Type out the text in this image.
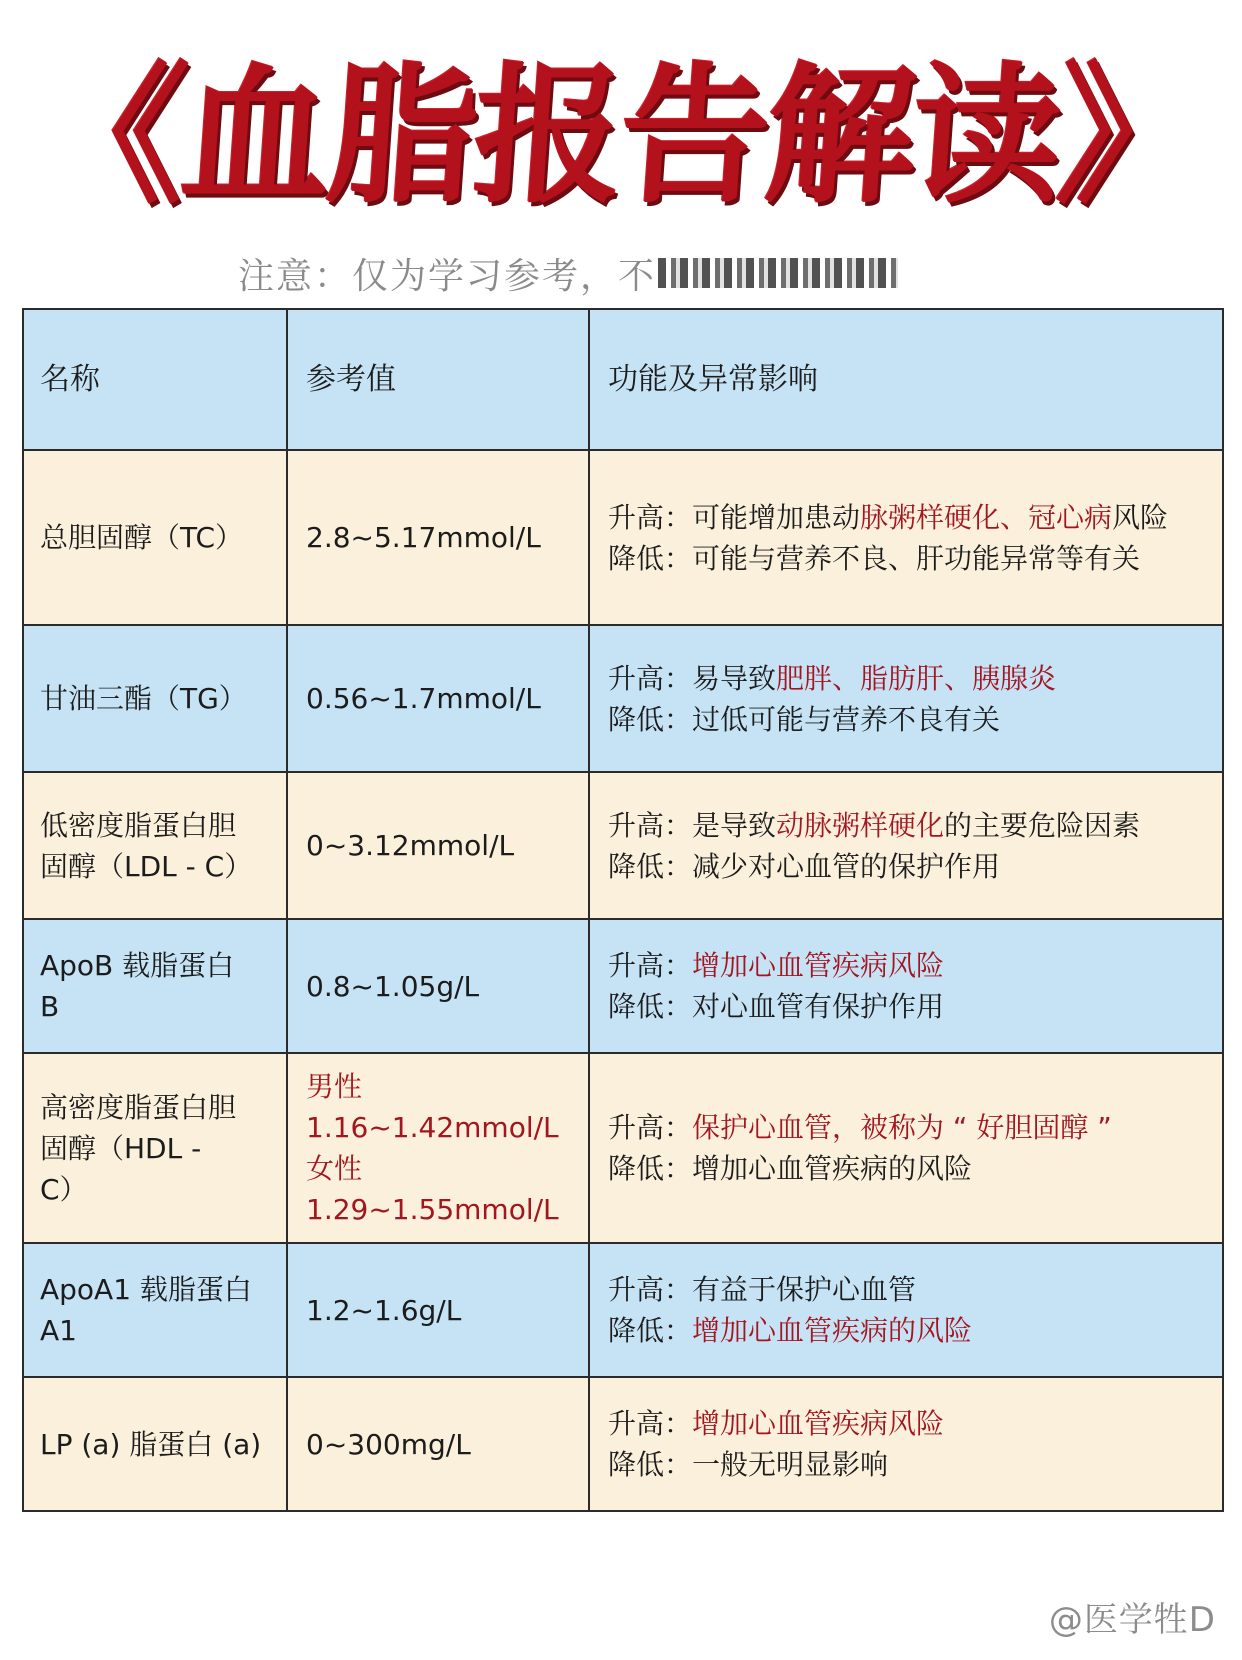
《血脂报告解读》
注意：仅为学习参考，不
名称	参考值	功能及异常影响
总胆固醇（TC）	2.8~5.17mmol/L	升高：可能增加患动脉粥样硬化、冠心病风险
降低：可能与营养不良、肝功能异常等有关

甘油三酯（TG）	0.56~1.7mmol/L	升高：易导致肥胖、脂肪肝、胰腺炎
降低：过低可能与营养不良有关

低密度脂蛋白胆
固醇（LDL - C）	0~3.12mmol/L	升高：是导致动脉粥样硬化的主要危险因素
降低：减少对心血管的保护作用

ApoB 载脂蛋白
B	0.8~1.05g/L	升高：增加心血管疾病风险
降低：对心血管有保护作用

高密度脂蛋白胆
固醇（HDL -
C）	男性
1.16~1.42mmol/L
女性
1.29~1.55mmol/L	升高：保护心血管，被称为 “ 好胆固醇 ”
降低：增加心血管疾病的风险

ApoA1 载脂蛋白
A1	1.2~1.6g/L	升高：有益于保护心血管
降低：增加心血管疾病的风险

LP (a) 脂蛋白 (a)	0~300mg/L	升高：增加心血管疾病风险
降低：一般无明显影响
@医学牲D
